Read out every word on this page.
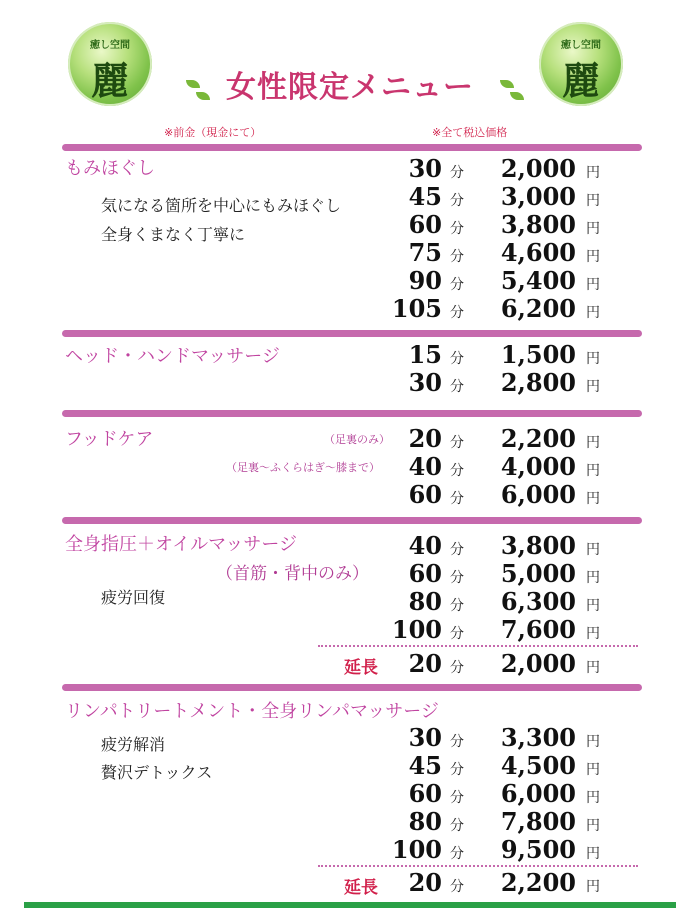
癒し空間
麗
癒し空間
麗
女性限定メニュー
※前金（現金にて）	※全て税込価格
もみほぐし
気になる箇所を中心にもみほぐし
全身くまなく丁寧に
30 分	2,000 円
45 分	3,000 円
60 分	3,800 円
75 分	4,600 円
90 分	5,400 円
105 分	6,200 円
ヘッド・ハンドマッサージ	15 分	1,500 円
30 分	2,800 円
フッドケア	（足裏のみ）
（足裏〜ふくらはぎ〜膝まで）
20 分	2,200 円
40 分	4,000 円
60 分	6,000 円
全身指圧＋オイルマッサージ
（首筋・背中のみ）
疲労回復
40 分	3,800 円
60 分	5,000 円
80 分	6,300 円
100 分	7,600 円
延長	20 分	2,000 円
リンパトリートメント・全身リンパマッサージ
疲労解消
贅沢デトックス
30 分	3,300 円
45 分	4,500 円
60 分	6,000 円
80 分	7,800 円
100 分	9,500 円
延長	20 分	2,200 円
